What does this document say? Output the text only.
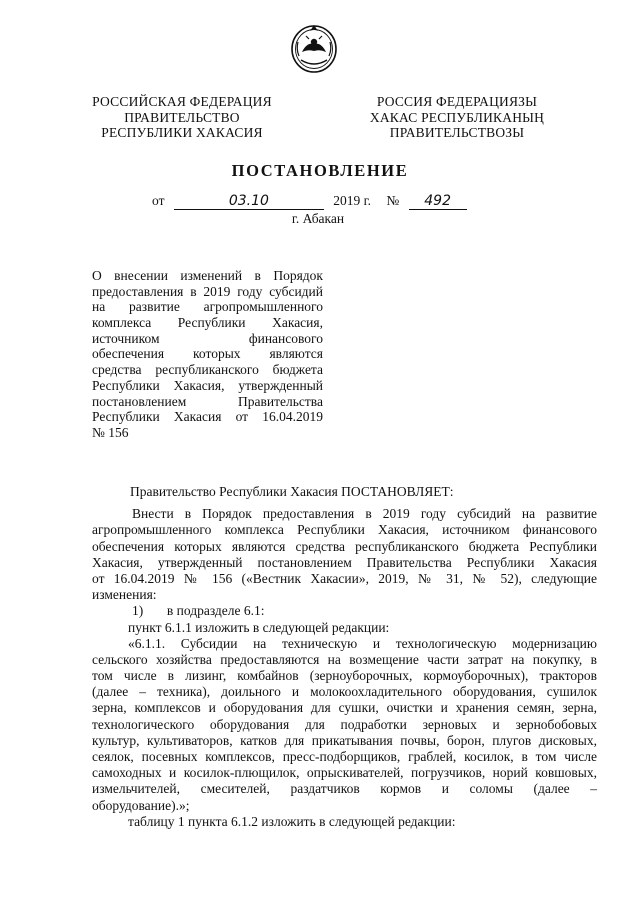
РОССИЙСКАЯ ФЕДЕРАЦИЯ
ПРАВИТЕЛЬСТВО
РЕСПУБЛИКИ ХАКАСИЯ
РОССИЯ ФЕДЕРАЦИЯЗЫ
ХАКАС РЕСПУБЛИКАНЫҢ
ПРАВИТЕЛЬСТВОЗЫ
ПОСТАНОВЛЕНИЕ
от	03.10	2019 г. № 492
г. Абакан
О внесении изменений в Порядок
предоставления в 2019 году субсидий
на развитие агропромышленного
комплекса Республики Хакасия,
источником финансового
обеспечения которых являются
средства республиканского бюджета
Республики Хакасия, утвержденный
постановлением Правительства
Республики Хакасия от 16.04.2019
№ 156
Правительство Республики Хакасия ПОСТАНОВЛЯЕТ:
Внести в Порядок предоставления в 2019 году субсидий на развитие
агропромышленного комплекса Республики Хакасия, источником финансового
обеспечения которых являются средства республиканского бюджета Республики
Хакасия, утвержденный постановлением Правительства Республики Хакасия
от 16.04.2019 № 156 («Вестник Хакасии», 2019, № 31, № 52), следующие
изменения:
1)       в подразделе 6.1:
пункт 6.1.1 изложить в следующей редакции:
«6.1.1. Субсидии на техническую и технологическую модернизацию
сельского хозяйства предоставляются на возмещение части затрат на покупку, в
том числе в лизинг, комбайнов (зерноуборочных, кормоуборочных), тракторов
(далее – техника), доильного и молокоохладительного оборудования, сушилок
зерна, комплексов и оборудования для сушки, очистки и хранения семян, зерна,
технологического оборудования для подработки зерновых и зернобобовых
культур, культиваторов, катков для прикатывания почвы, борон, плугов дисковых,
сеялок, посевных комплексов, пресс-подборщиков, граблей, косилок, в том числе
самоходных и косилок-плющилок, опрыскивателей, погрузчиков, норий ковшовых,
измельчителей, смесителей, раздатчиков кормов и соломы (далее –
оборудование).»;
таблицу 1 пункта 6.1.2 изложить в следующей редакции:
